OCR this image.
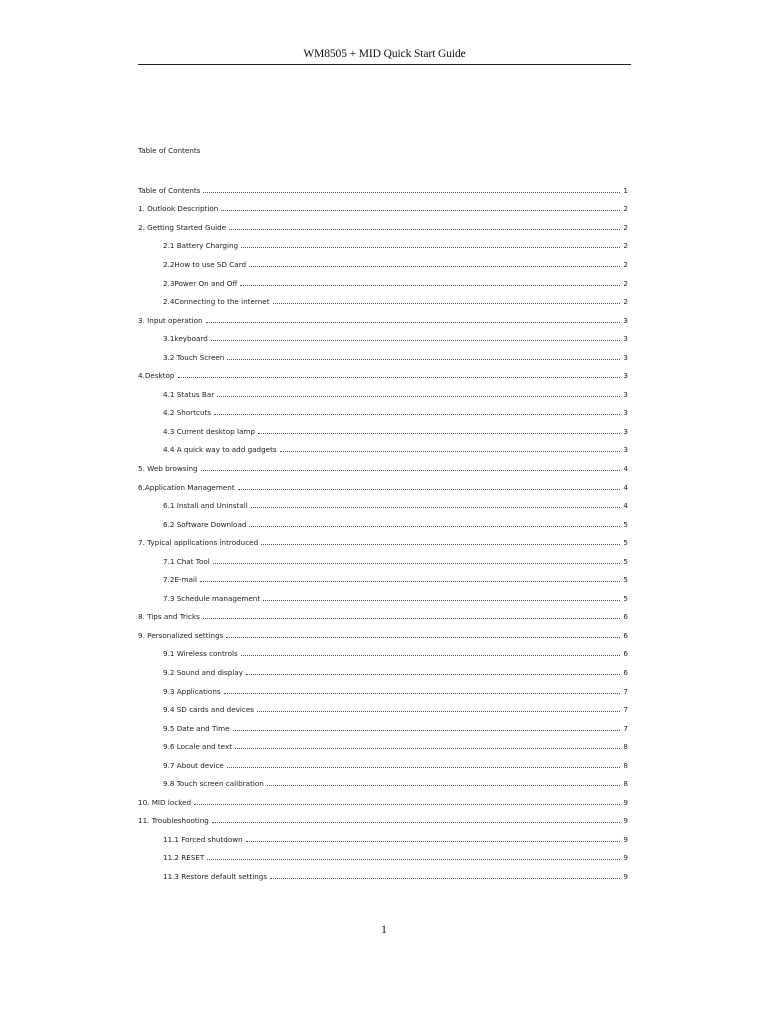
WM8505 + MID Quick Start Guide
Table of Contents
Table of Contents	1
1. Outlook Description	2
2. Getting Started Guide	2
2.1 Battery Charging	2
2.2How to use SD Card	2
2.3Power On and Off	2
2.4Connecting to the internet	2
3. Input operation	3
3.1keyboard	3
3.2 Touch Screen	3
4.Desktop	3
4.1 Status Bar	3
4.2 Shortcuts	3
4.3 Current desktop lamp	3
4.4 A quick way to add gadgets	3
5. Web browsing	4
6.Application Management	4
6.1 Install and Uninstall	4
6.2 Software Download	5
7. Typical applications introduced	5
7.1 Chat Tool	5
7.2E-mail	5
7.3 Schedule management	5
8. Tips and Tricks	6
9. Personalized settings	6
9.1 Wireless controls	6
9.2 Sound and display	6
9.3 Applications	7
9.4 SD cards and devices	7
9.5 Date and Time	7
9.6 Locale and text	8
9.7 About device	8
9.8 Touch screen calibration	8
10. MID locked	9
11. Troubleshooting	9
11.1 Forced shutdown	9
11.2 RESET	9
11.3 Restore default settings	9
1
